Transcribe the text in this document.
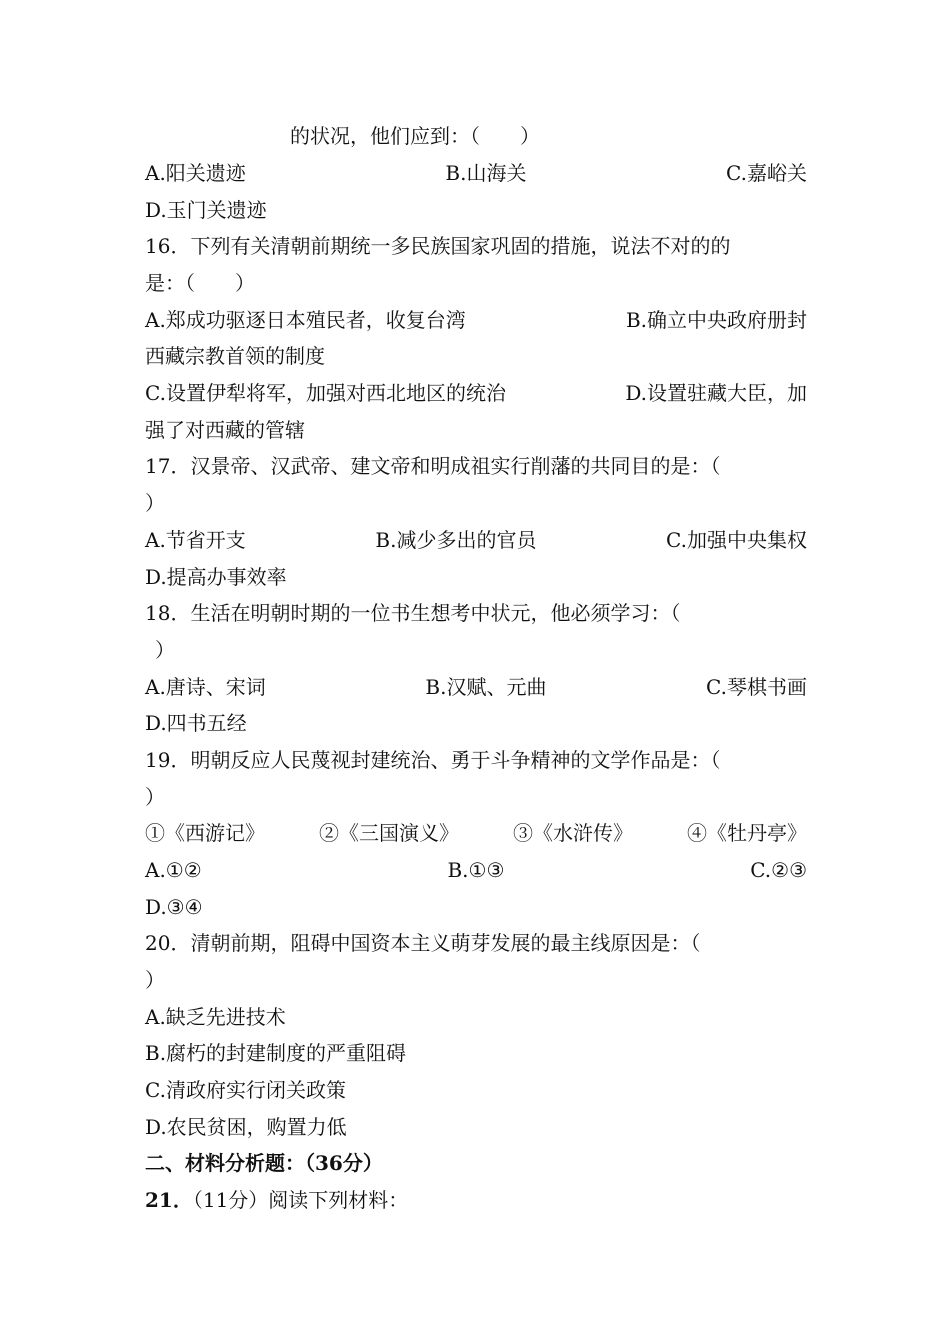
的状况，他们应到：（　　）
A.阳关遗迹	B.山海关	C.嘉峪关
D.玉门关遗迹
16．下列有关清朝前期统一多民族国家巩固的措施，说法不对的的
是：（　　）
A.郑成功驱逐日本殖民者，收复台湾	B.确立中央政府册封
西藏宗教首领的制度
C.设置伊犁将军，加强对西北地区的统治	D.设置驻藏大臣，加
强了对西藏的管辖
17．汉景帝、汉武帝、建文帝和明成祖实行削藩的共同目的是：（
）
A.节省开支	B.减少多出的官员	C.加强中央集权
D.提高办事效率
18．生活在明朝时期的一位书生想考中状元，他必须学习：（
）
A.唐诗、宋词	B.汉赋、元曲	C.琴棋书画
D.四书五经
19．明朝反应人民蔑视封建统治、勇于斗争精神的文学作品是：（
）
①《西游记》	②《三国演义》	③《水浒传》	④《牡丹亭》
A.①②	B.①③	C.②③
D.③④
20．清朝前期，阻碍中国资本主义萌芽发展的最主线原因是：（
）
A.缺乏先进技术
B.腐朽的封建制度的严重阻碍
C.清政府实行闭关政策
D.农民贫困，购置力低
二、材料分析题：（36分）
21．（11分）阅读下列材料：
